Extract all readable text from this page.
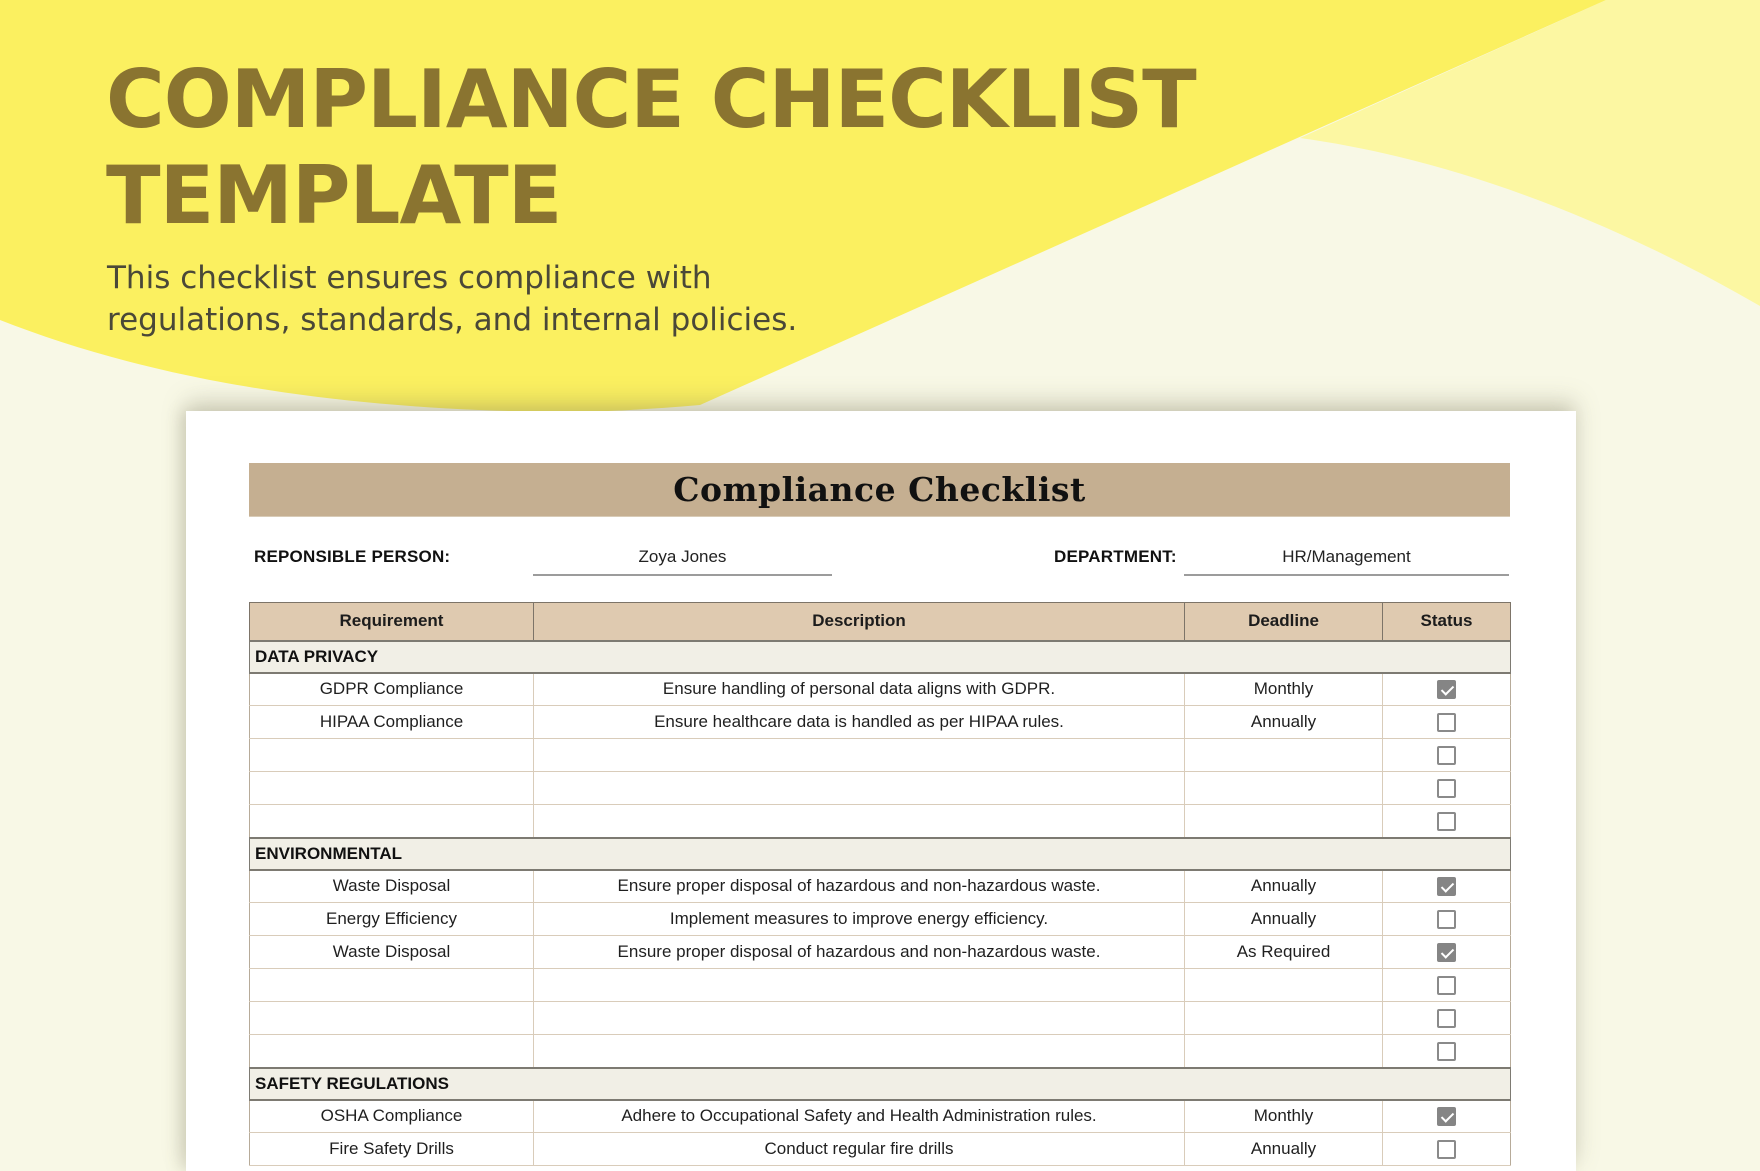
COMPLIANCE CHECKLIST
TEMPLATE
This checklist ensures compliance with regulations, standards, and internal policies.
Compliance Checklist
REPONSIBLE PERSON:	Zoya Jones	DEPARTMENT:	HR/Management
Requirement	Description	Deadline	Status
DATA PRIVACY			
GDPR Compliance	Ensure handling of personal data aligns with GDPR.	Monthly	
HIPAA Compliance	Ensure healthcare data is handled as per HIPAA rules.	Annually	

ENVIRONMENTAL			
Waste Disposal	Ensure proper disposal of hazardous and non-hazardous waste.	Annually	
Energy Efficiency	Implement measures to improve energy efficiency.	Annually	
Waste Disposal	Ensure proper disposal of hazardous and non-hazardous waste.	As Required	

SAFETY REGULATIONS			
OSHA Compliance	Adhere to Occupational Safety and Health Administration rules.	Monthly	
Fire Safety Drills	Conduct regular fire drills	Annually	
